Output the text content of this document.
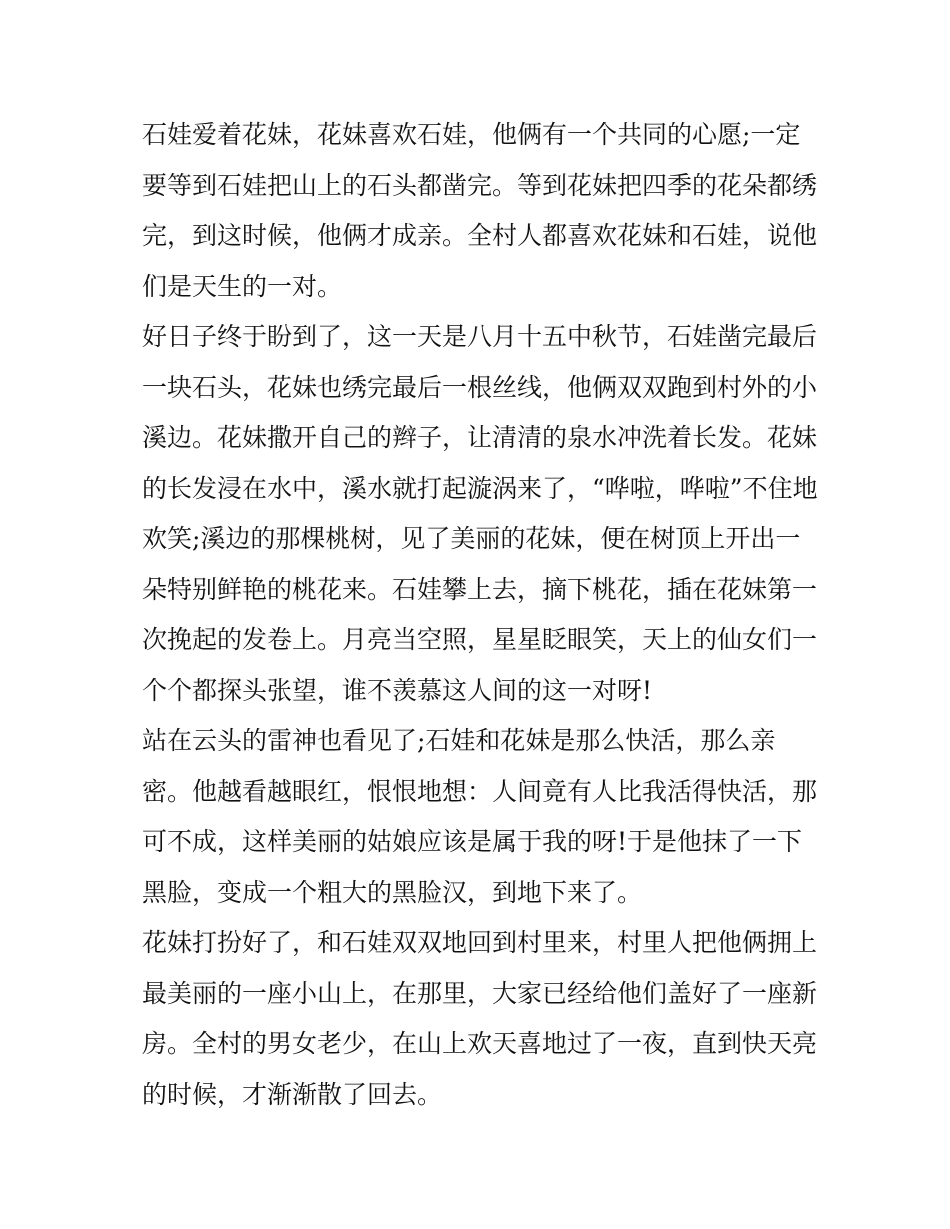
石娃爱着花妹，花妹喜欢石娃，他俩有一个共同的心愿;一定
要等到石娃把山上的石头都凿完。等到花妹把四季的花朵都绣
完，到这时候，他俩才成亲。全村人都喜欢花妹和石娃，说他
们是天生的一对。
好日子终于盼到了，这一天是八月十五中秋节，石娃凿完最后
一块石头，花妹也绣完最后一根丝线，他俩双双跑到村外的小
溪边。花妹撒开自己的辫子，让清清的泉水冲洗着长发。花妹
的长发浸在水中，溪水就打起漩涡来了，“哗啦，哗啦”不住地
欢笑;溪边的那棵桃树，见了美丽的花妹，便在树顶上开出一
朵特别鲜艳的桃花来。石娃攀上去，摘下桃花，插在花妹第一
次挽起的发卷上。月亮当空照，星星眨眼笑，天上的仙女们一
个个都探头张望，谁不羡慕这人间的这一对呀!
站在云头的雷神也看见了;石娃和花妹是那么快活，那么亲
密。他越看越眼红，恨恨地想：人间竟有人比我活得快活，那
可不成，这样美丽的姑娘应该是属于我的呀!于是他抹了一下
黑脸，变成一个粗大的黑脸汉，到地下来了。
花妹打扮好了，和石娃双双地回到村里来，村里人把他俩拥上
最美丽的一座小山上，在那里，大家已经给他们盖好了一座新
房。全村的男女老少，在山上欢天喜地过了一夜，直到快天亮
的时候，才渐渐散了回去。
